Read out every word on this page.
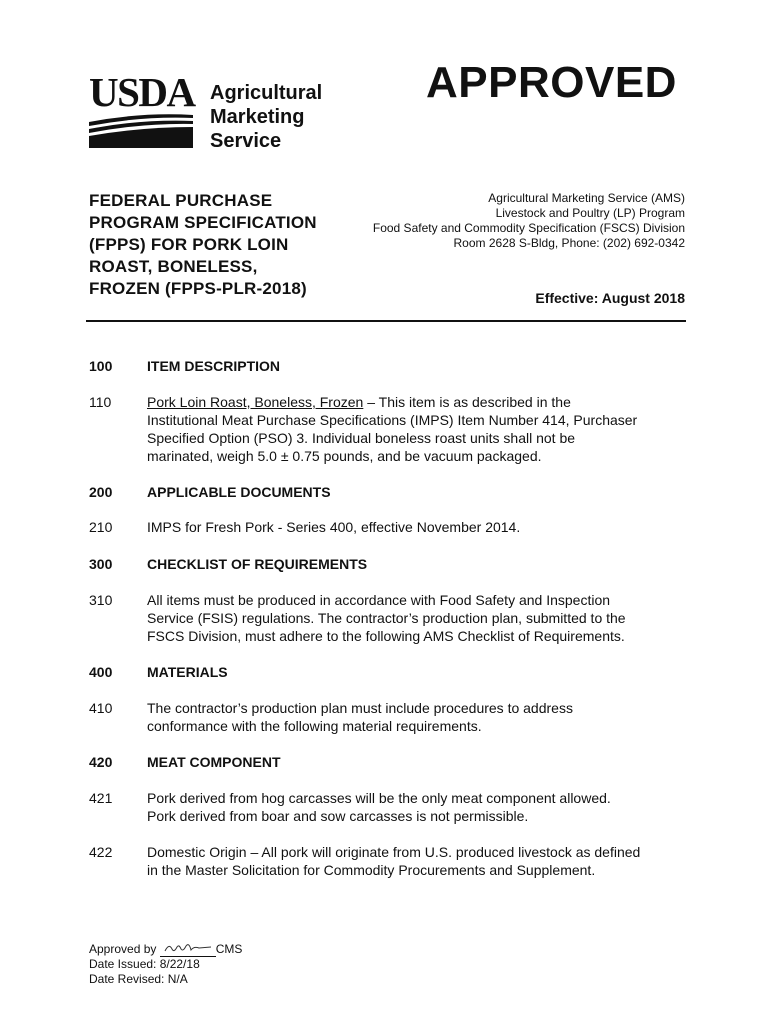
USDA Agricultural
Marketing
Service
APPROVED
FEDERAL PURCHASE
PROGRAM SPECIFICATION
(FPPS) FOR PORK LOIN
ROAST, BONELESS,
FROZEN (FPPS-PLR-2018)
Agricultural Marketing Service (AMS)
Livestock and Poultry (LP) Program
Food Safety and Commodity Specification (FSCS) Division
Room 2628 S-Bldg, Phone: (202) 692-0342
Effective: August 2018
100	ITEM DESCRIPTION
110	Pork Loin Roast, Boneless, Frozen – This item is as described in the
Institutional Meat Purchase Specifications (IMPS) Item Number 414, Purchaser
Specified Option (PSO) 3. Individual boneless roast units shall not be
marinated, weigh 5.0 ± 0.75 pounds, and be vacuum packaged.
200	APPLICABLE DOCUMENTS
210	IMPS for Fresh Pork - Series 400, effective November 2014.
300	CHECKLIST OF REQUIREMENTS
310	All items must be produced in accordance with Food Safety and Inspection
Service (FSIS) regulations. The contractor’s production plan, submitted to the
FSCS Division, must adhere to the following AMS Checklist of Requirements.
400	MATERIALS
410	The contractor’s production plan must include procedures to address
conformance with the following material requirements.
420	MEAT COMPONENT
421	Pork derived from hog carcasses will be the only meat component allowed.
Pork derived from boar and sow carcasses is not permissible.
422	Domestic Origin – All pork will originate from U.S. produced livestock as defined
in the Master Solicitation for Commodity Procurements and Supplement.
Approved by	CMS
Date Issued: 8/22/18
Date Revised: N/A
